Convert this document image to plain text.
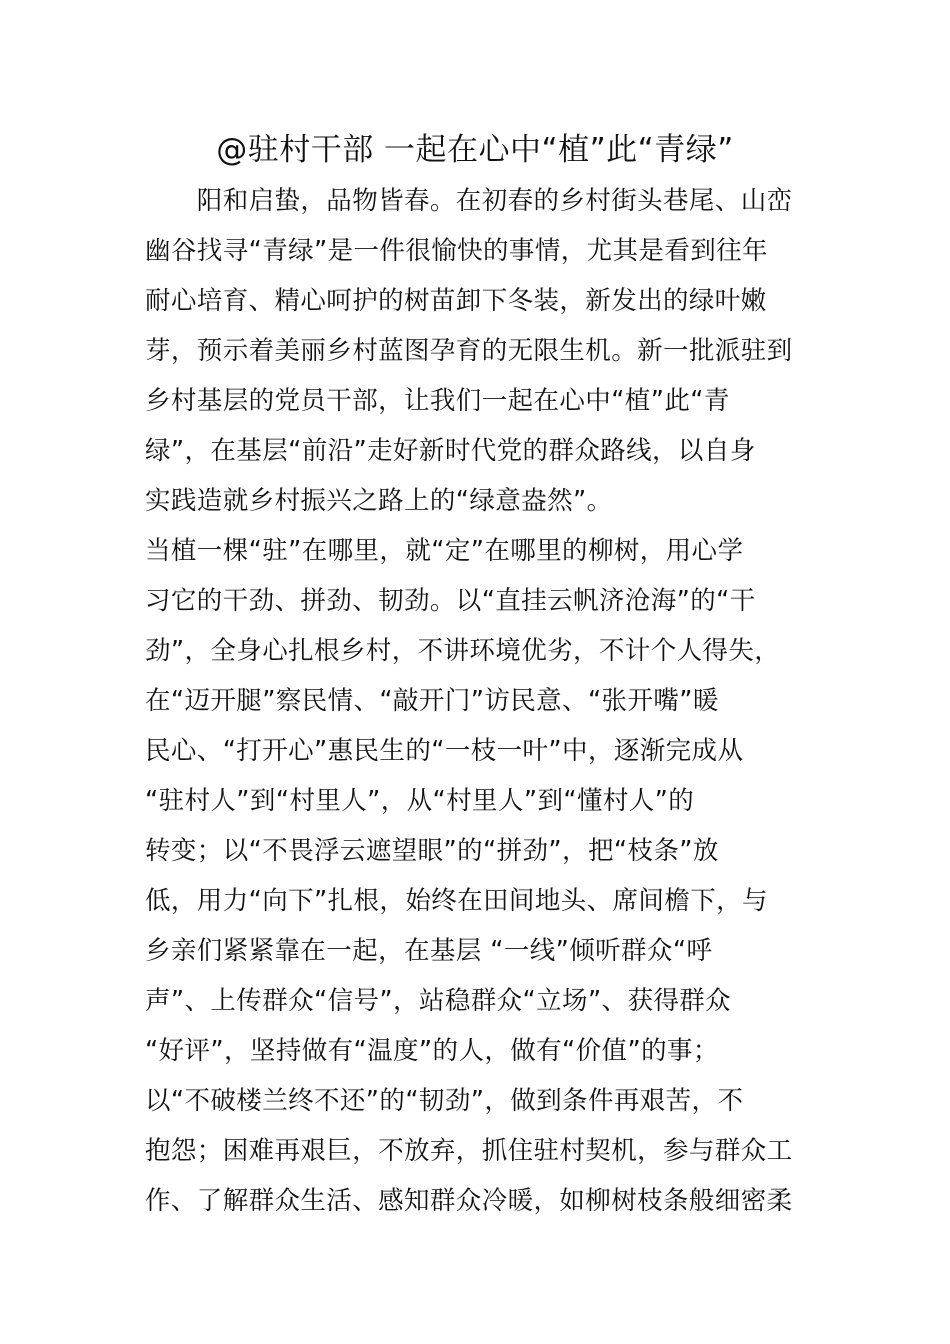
@驻村干部 一起在心中“植”此“青绿”
　　阳和启蛰，品物皆春。在初春的乡村街头巷尾、山峦
幽谷找寻“青绿”是一件很愉快的事情，尤其是看到往年
耐心培育、精心呵护的树苗卸下冬装，新发出的绿叶嫩
芽，预示着美丽乡村蓝图孕育的无限生机。新一批派驻到
乡村基层的党员干部，让我们一起在心中“植”此“青
绿”，在基层“前沿”走好新时代党的群众路线，以自身
实践造就乡村振兴之路上的“绿意盎然”。
当植一棵“驻”在哪里，就“定”在哪里的柳树，用心学
习它的干劲、拼劲、韧劲。以“直挂云帆济沧海”的“干
劲”，全身心扎根乡村，不讲环境优劣，不计个人得失，
在“迈开腿”察民情、“敲开门”访民意、“张开嘴”暖
民心、“打开心”惠民生的“一枝一叶”中，逐渐完成从
“驻村人”到“村里人”，从“村里人”到“懂村人”的
转变；以“不畏浮云遮望眼”的“拼劲”，把“枝条”放
低，用力“向下”扎根，始终在田间地头、席间檐下，与
乡亲们紧紧靠在一起，在基层 “一线”倾听群众“呼
声”、上传群众“信号”，站稳群众“立场”、获得群众
“好评”，坚持做有“温度”的人，做有“价值”的事；
以“不破楼兰终不还”的“韧劲”，做到条件再艰苦，不
抱怨；困难再艰巨，不放弃，抓住驻村契机，参与群众工
作、了解群众生活、感知群众冷暖，如柳树枝条般细密柔
